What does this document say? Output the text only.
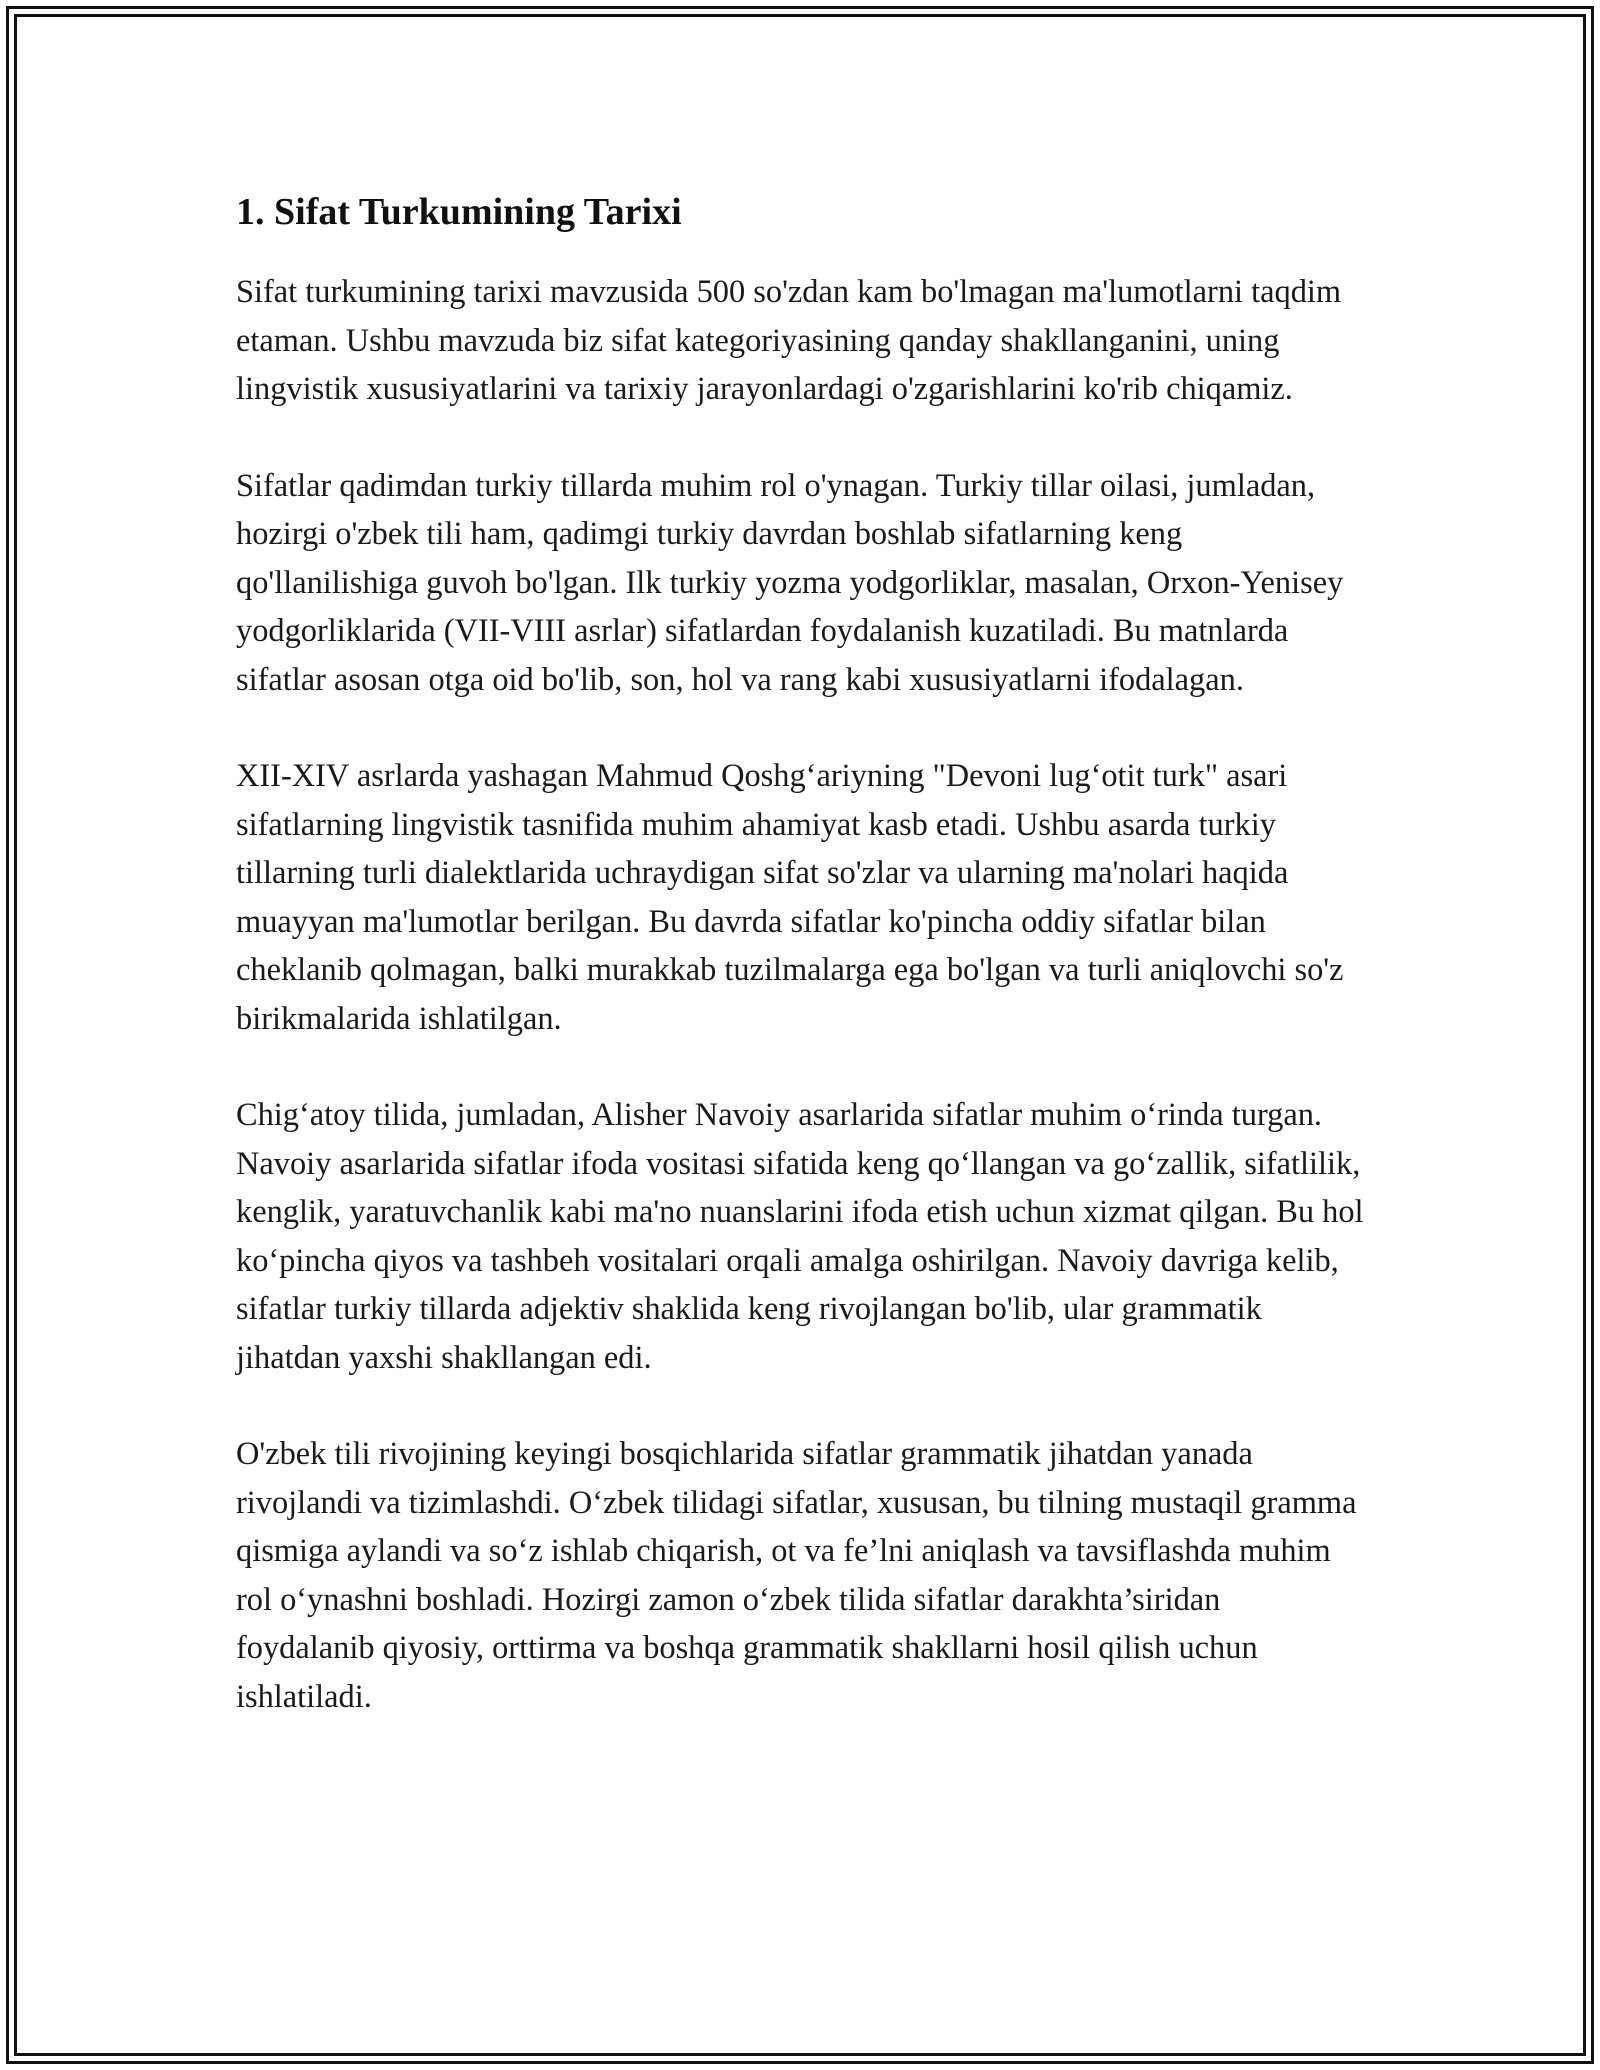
1. Sifat Turkumining Tarixi

Sifat turkumining tarixi mavzusida 500 so'zdan kam bo'lmagan ma'lumotlarni taqdim etaman. Ushbu mavzuda biz sifat kategoriyasining qanday shakllanganini, uning lingvistik xususiyatlarini va tarixiy jarayonlardagi o'zgarishlarini ko'rib chiqamiz.

Sifatlar qadimdan turkiy tillarda muhim rol o'ynagan. Turkiy tillar oilasi, jumladan, hozirgi o'zbek tili ham, qadimgi turkiy davrdan boshlab sifatlarning keng qo'llanilishiga guvoh bo'lgan. Ilk turkiy yozma yodgorliklar, masalan, Orxon-Yenisey yodgorliklarida (VII-VIII asrlar) sifatlardan foydalanish kuzatiladi. Bu matnlarda sifatlar asosan otga oid bo'lib, son, hol va rang kabi xususiyatlarni ifodalagan.

XII-XIV asrlarda yashagan Mahmud Qoshg‘ariyning "Devoni lug‘otit turk" asari sifatlarning lingvistik tasnifida muhim ahamiyat kasb etadi. Ushbu asarda turkiy tillarning turli dialektlarida uchraydigan sifat so'zlar va ularning ma'nolari haqida muayyan ma'lumotlar berilgan. Bu davrda sifatlar ko'pincha oddiy sifatlar bilan cheklanib qolmagan, balki murakkab tuzilmalarga ega bo'lgan va turli aniqlovchi so'z birikmalarida ishlatilgan.

Chig‘atoy tilida, jumladan, Alisher Navoiy asarlarida sifatlar muhim o‘rinda turgan. Navoiy asarlarida sifatlar ifoda vositasi sifatida keng qo‘llangan va go‘zallik, sifatlilik, kenglik, yaratuvchanlik kabi ma'no nuanslarini ifoda etish uchun xizmat qilgan. Bu hol ko‘pincha qiyos va tashbeh vositalari orqali amalga oshirilgan. Navoiy davriga kelib, sifatlar turkiy tillarda adjektiv shaklida keng rivojlangan bo'lib, ular grammatik jihatdan yaxshi shakllangan edi.

O'zbek tili rivojining keyingi bosqichlarida sifatlar grammatik jihatdan yanada rivojlandi va tizimlashdi. O‘zbek tilidagi sifatlar, xususan, bu tilning mustaqil gramma qismiga aylandi va so‘z ishlab chiqarish, ot va fe’lni aniqlash va tavsiflashda muhim rol o‘ynashni boshladi. Hozirgi zamon o‘zbek tilida sifatlar darakhta’siridan foydalanib qiyosiy, orttirma va boshqa grammatik shakllarni hosil qilish uchun ishlatiladi.
